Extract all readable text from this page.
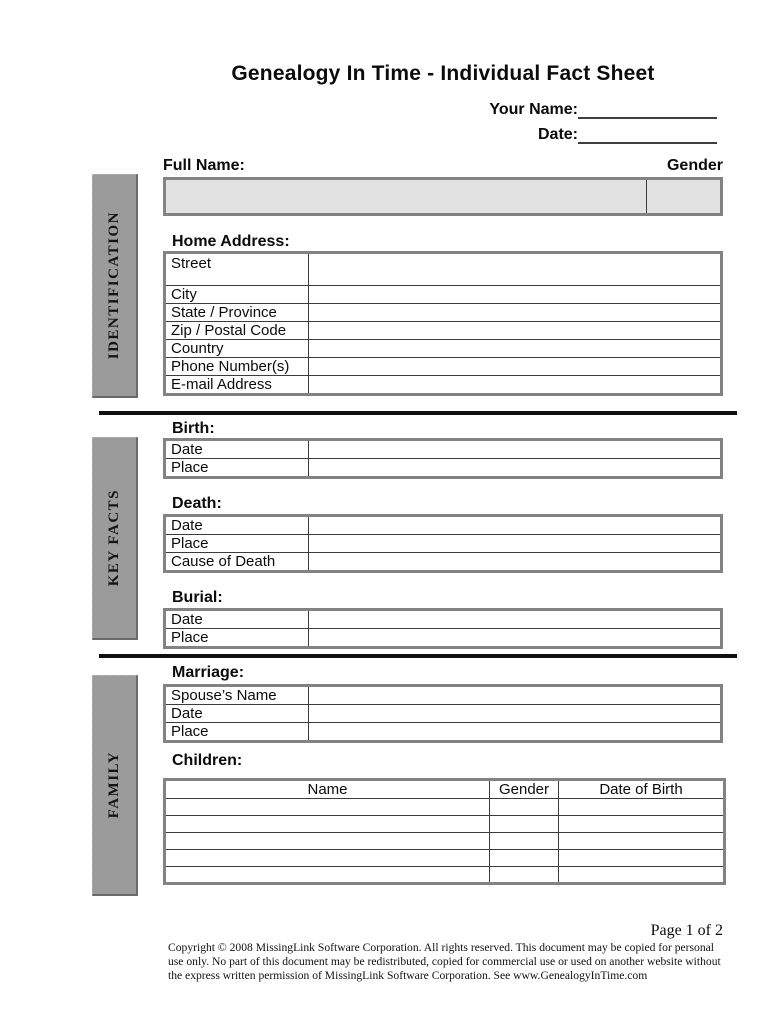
Genealogy In Time - Individual Fact Sheet
Your Name:
Date:
IDENTIFICATION
KEY FACTS
FAMILY
Full Name:	Gender
Home Address:
Street	
City	
State / Province	
Zip / Postal Code	
Country	
Phone Number(s)	
E-mail Address	
Birth:
Date	
Place	
Death:
Date	
Place	
Cause of Death	
Burial:
Date	
Place	
Marriage:
Spouse’s Name	
Date	
Place	
Children:
Name	Gender	Date of Birth

Page 1 of 2
Copyright © 2008 MissingLink Software Corporation. All rights reserved. This document may be copied for personal use only. No part of this document may be redistributed, copied for commercial use or used on another website without the express written permission of MissingLink Software Corporation. See www.GenealogyInTime.com
